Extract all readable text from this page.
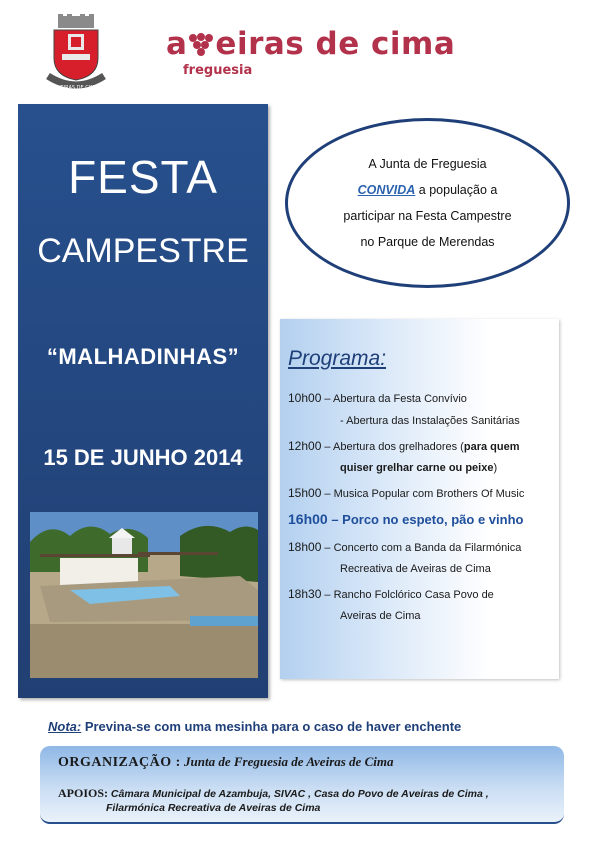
AVEIRAS DE CIMA
a eiras de cima
freguesia
FESTA
CAMPESTRE
“MALHADINHAS”
15 DE JUNHO 2014
A Junta de Freguesia
CONVIDA a população a
participar na Festa Campestre
no Parque de Merendas
Programa:
10h00 – Abertura da Festa Convívio
- Abertura das Instalações Sanitárias
12h00 – Abertura dos grelhadores (para quem
quiser grelhar carne ou peixe)
15h00 – Musica Popular com Brothers Of Music
16h00 – Porco no espeto, pão e vinho
18h00 – Concerto com a Banda da Filarmónica
Recreativa de Aveiras de Cima
18h30 – Rancho Folclórico Casa Povo de
Aveiras de Cima
Nota: Previna-se com uma mesinha para o caso de haver enchente
ORGANIZAÇÃO : Junta de Freguesia de Aveiras de Cima
APOIOS: Câmara Municipal de Azambuja, SIVAC , Casa do Povo de Aveiras de Cima ,
Filarmónica Recreativa de Aveiras de Cima
